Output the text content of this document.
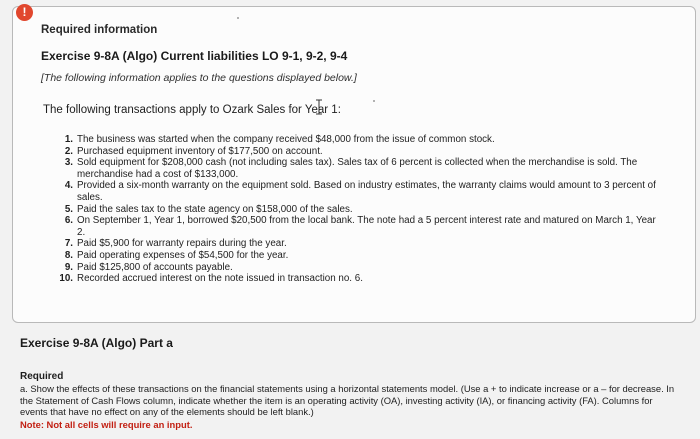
!
Required information
Exercise 9-8A (Algo) Current liabilities LO 9-1, 9-2, 9-4
[The following information applies to the questions displayed below.]
The following transactions apply to Ozark Sales for Year 1:
1. The business was started when the company received $48,000 from the issue of common stock.
2. Purchased equipment inventory of $177,500 on account.
3. Sold equipment for $208,000 cash (not including sales tax). Sales tax of 6 percent is collected when the merchandise is sold. The merchandise had a cost of $133,000.
4. Provided a six-month warranty on the equipment sold. Based on industry estimates, the warranty claims would amount to 3 percent of sales.
5. Paid the sales tax to the state agency on $158,000 of the sales.
6. On September 1, Year 1, borrowed $20,500 from the local bank. The note had a 5 percent interest rate and matured on March 1, Year 2.
7. Paid $5,900 for warranty repairs during the year.
8. Paid operating expenses of $54,500 for the year.
9. Paid $125,800 of accounts payable.
10. Recorded accrued interest on the note issued in transaction no. 6.
Exercise 9-8A (Algo) Part a
Required
a. Show the effects of these transactions on the financial statements using a horizontal statements model. (Use a + to indicate increase or a – for decrease. In the Statement of Cash Flows column, indicate whether the item is an operating activity (OA), investing activity (IA), or financing activity (FA). Columns for events that have no effect on any of the elements should be left blank.)
Note: Not all cells will require an input.
